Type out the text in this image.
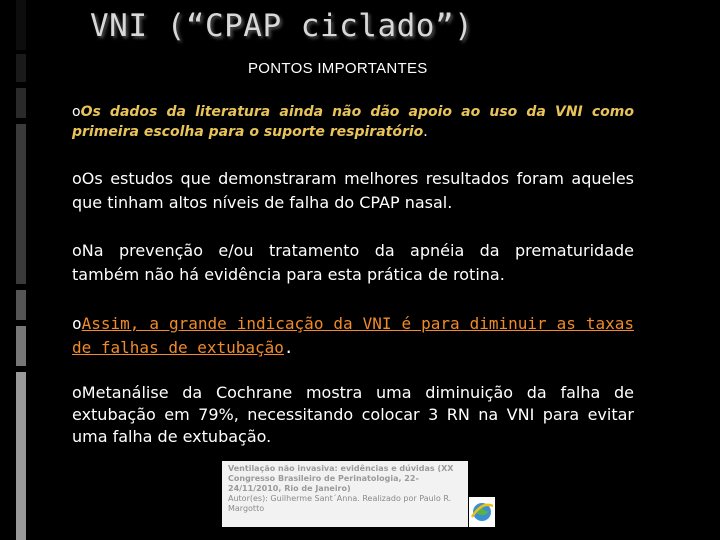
VNI (“CPAP ciclado”)
PONTOS IMPORTANTES

oOs dados da literatura ainda não dão apoio ao uso da VNI como primeira escolha para o suporte respiratório.

oOs estudos que demonstraram melhores resultados foram aqueles que tinham altos níveis de falha do CPAP nasal.

oNa prevenção e/ou tratamento da apnéia da prematuridade também não há evidência para esta prática de rotina.

oAssim, a grande indicação da VNI é para diminuir as taxas de falhas de extubação.

oMetanálise da Cochrane mostra uma diminuição da falha de extubação em 79%, necessitando colocar 3 RN na VNI para evitar uma falha de extubação.

Ventilação não invasiva: evidências e dúvidas (XX Congresso Brasileiro de Perinatologia, 22-24/11/2010, Rio de Janeiro)
Autor(es): Guilherme Sant´Anna. Realizado por Paulo R. Margotto
